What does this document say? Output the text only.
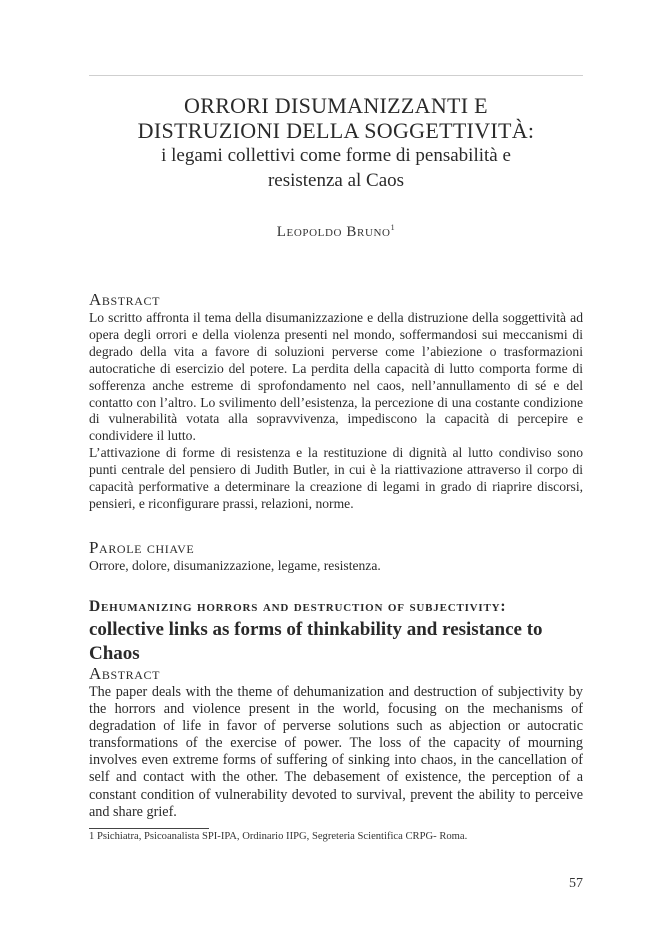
ORRORI DISUMANIZZANTI E
DISTRUZIONI DELLA SOGGETTIVITÀ:
i legami collettivi come forme di pensabilità e
resistenza al Caos
Leopoldo Bruno$^1$
Abstract

Lo scritto affronta il tema della disumanizzazione e della distruzione della soggettività ad opera degli orrori e della violenza presenti nel mondo, soffermandosi sui meccanismi di degrado della vita a favore di soluzioni perverse come l’abiezione o trasformazioni autocratiche di esercizio del potere. La perdita della capacità di lutto comporta forme di sofferenza anche estreme di sprofondamento nel caos, nell’annullamento di sé e del contatto con l’altro. Lo svilimento dell’esistenza, la percezione di una costante condizione di vulnerabilità votata alla sopravvivenza, impediscono la capacità di percepire e condividere il lutto.

L’attivazione di forme di resistenza e la restituzione di dignità al lutto condiviso sono punti centrale del pensiero di Judith Butler, in cui è la riattivazione attraverso il corpo di capacità performative a determinare la creazione di legami in grado di riaprire discorsi, pensieri, e riconfigurare prassi, relazioni, norme.

Parole chiave

Orrore, dolore, disumanizzazione, legame, resistenza.

Dehumanizing horrors and destruction of subjectivity:
collective links as forms of thinkability and resistance to Chaos
Abstract

The paper deals with the theme of dehumanization and destruction of subjectivity by the horrors and violence present in the world, focusing on the mechanisms of degradation of life in favor of perverse solutions such as abjection or autocratic transformations of the exercise of power. The loss of the capacity of mourning involves even extreme forms of suffering of sinking into chaos, in the cancellation of self and contact with the other. The debasement of existence, the perception of a constant condition of vulnerability devoted to survival, prevent the ability to perceive and share grief.

1 Psichiatra, Psicoanalista SPI-IPA, Ordinario IIPG, Segreteria Scientifica CRPG- Roma.
57
